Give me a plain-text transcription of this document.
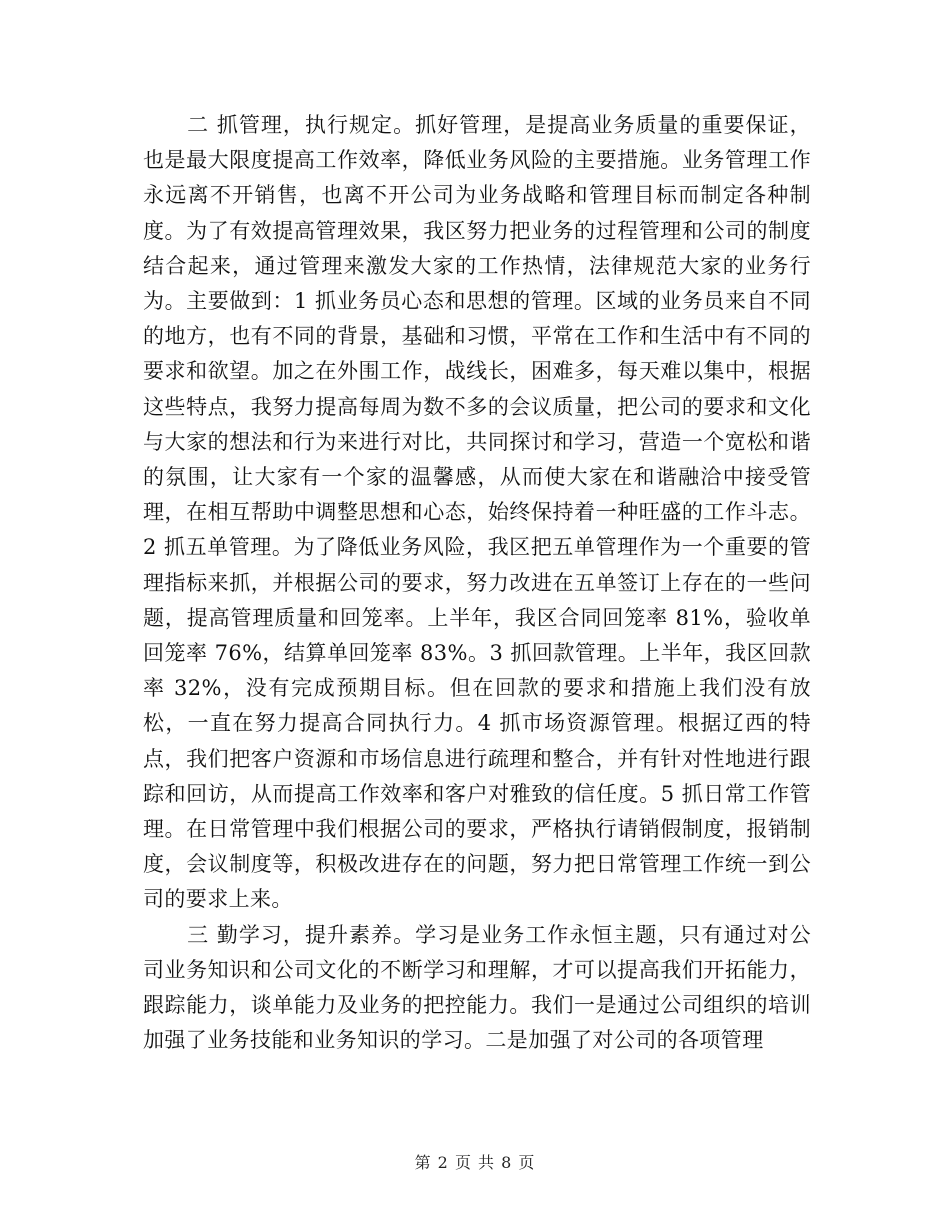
二 抓管理，执行规定。抓好管理，是提高业务质量的重要保证，也是最大限度提高工作效率，降低业务风险的主要措施。业务管理工作永远离不开销售，也离不开公司为业务战略和管理目标而制定各种制度。为了有效提高管理效果，我区努力把业务的过程管理和公司的制度结合起来，通过管理来激发大家的工作热情，法律规范大家的业务行为。主要做到：1 抓业务员心态和思想的管理。区域的业务员来自不同的地方，也有不同的背景，基础和习惯，平常在工作和生活中有不同的要求和欲望。加之在外围工作，战线长，困难多，每天难以集中，根据这些特点，我努力提高每周为数不多的会议质量，把公司的要求和文化与大家的想法和行为来进行对比，共同探讨和学习，营造一个宽松和谐的氛围，让大家有一个家的温馨感，从而使大家在和谐融洽中接受管理，在相互帮助中调整思想和心态，始终保持着一种旺盛的工作斗志。2 抓五单管理。为了降低业务风险，我区把五单管理作为一个重要的管理指标来抓，并根据公司的要求，努力改进在五单签订上存在的一些问题，提高管理质量和回笼率。上半年，我区合同回笼率 81%，验收单回笼率 76%，结算单回笼率 83%。3 抓回款管理。上半年，我区回款率 32%，没有完成预期目标。但在回款的要求和措施上我们没有放松，一直在努力提高合同执行力。4 抓市场资源管理。根据辽西的特点，我们把客户资源和市场信息进行疏理和整合，并有针对性地进行跟踪和回访，从而提高工作效率和客户对雅致的信任度。5 抓日常工作管理。在日常管理中我们根据公司的要求，严格执行请销假制度，报销制度，会议制度等，积极改进存在的问题，努力把日常管理工作统一到公司的要求上来。

三 勤学习，提升素养。学习是业务工作永恒主题，只有通过对公司业务知识和公司文化的不断学习和理解，才可以提高我们开拓能力，跟踪能力，谈单能力及业务的把控能力。我们一是通过公司组织的培训加强了业务技能和业务知识的学习。二是加强了对公司的各项管理

第 2 页 共 8 页
